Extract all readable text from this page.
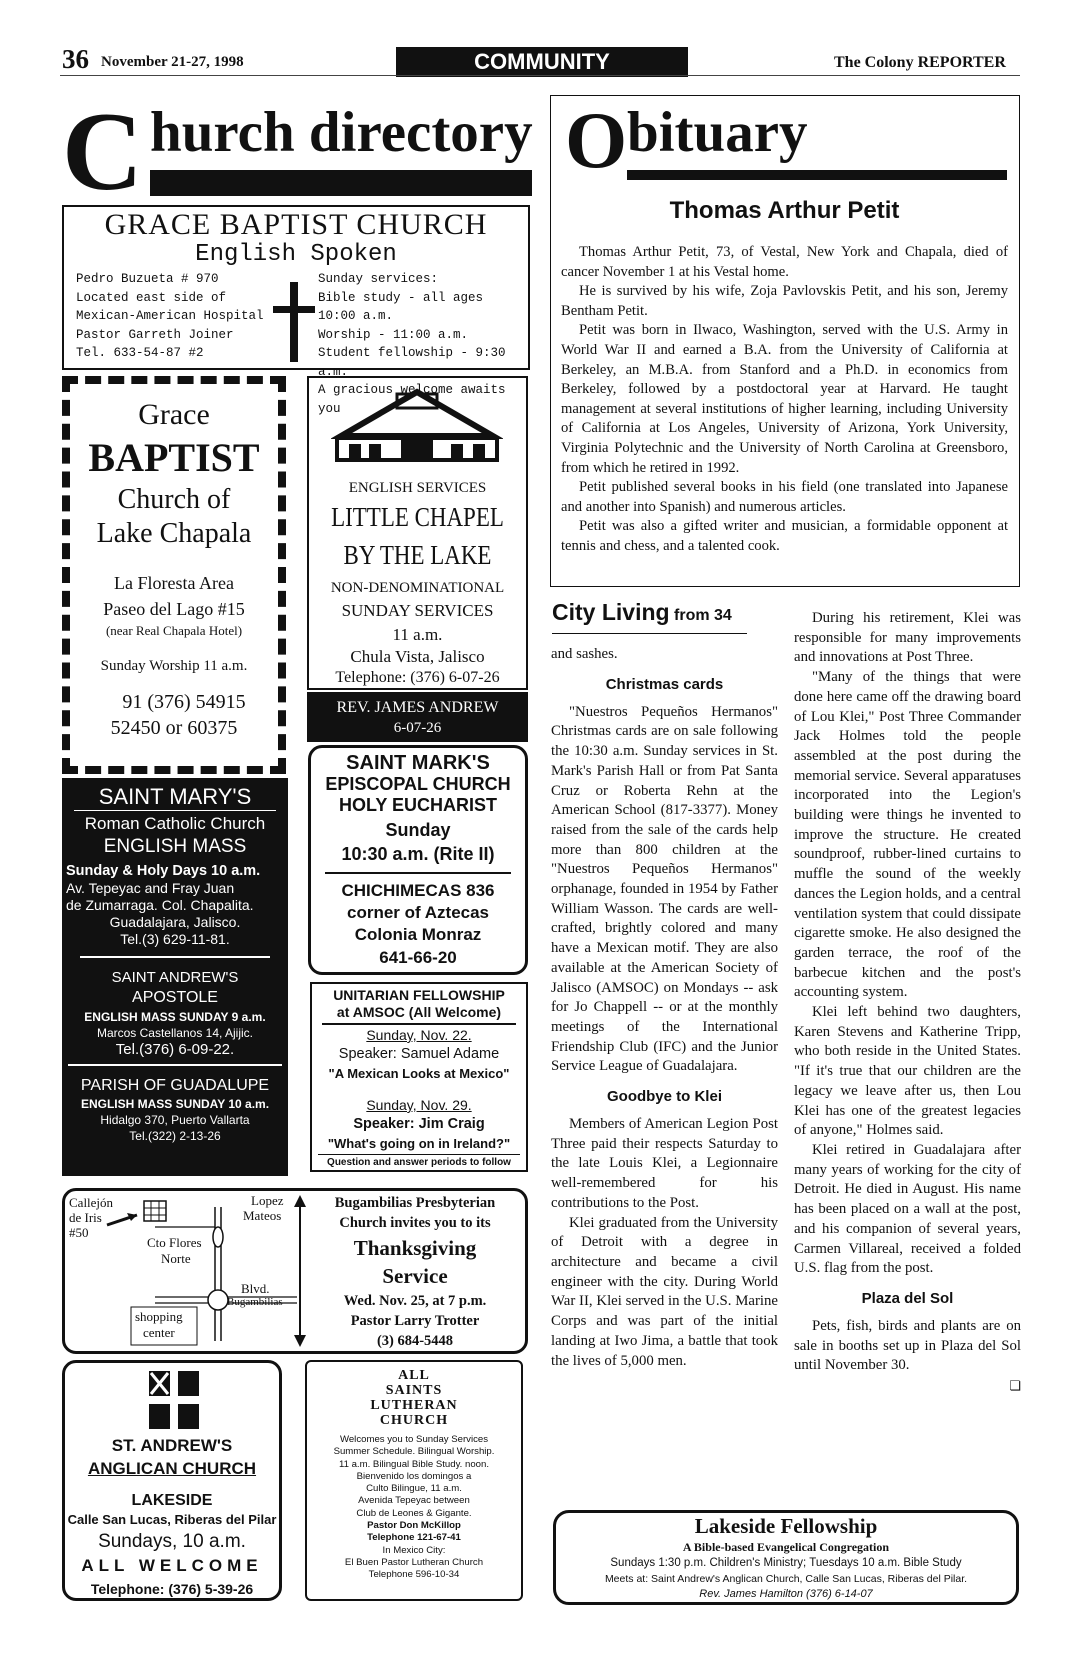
36 November 21-27, 1998	COMMUNITY	The Colony REPORTER
C hurch directory
GRACE BAPTIST CHURCH
English Spoken
Pedro Buzueta # 970
Located east side of
Mexican-American Hospital
Pastor Garreth Joiner
Tel. 633-54-87 #2
Sunday services:
Bible study - all ages 10:00 a.m.
Worship - 11:00 a.m.
Student fellowship - 9:30 a.m.
A gracious welcome awaits you
Grace
BAPTIST
Church of
Lake Chapala
La Floresta Area
Paseo del Lago #15
(near Real Chapala Hotel)
Sunday Worship 11 a.m.
91 (376) 54915
52450 or 60375
ENGLISH SERVICES
LITTLE CHAPEL
BY THE LAKE
NON-DENOMINATIONAL
SUNDAY SERVICES
11 a.m.
Chula Vista, Jalisco
Telephone: (376) 6-07-26
REV. JAMES ANDREW
6-07-26
SAINT MARY'S
Roman Catholic Church
ENGLISH MASS
Sunday & Holy Days 10 a.m.
Av. Tepeyac and Fray Juan
de Zumarraga. Col. Chapalita.
Guadalajara, Jalisco.
Tel.(3) 629-11-81.
SAINT ANDREW'S
APOSTOLE
ENGLISH MASS SUNDAY 9 a.m.
Marcos Castellanos 14, Ajijic.
Tel.(376) 6-09-22.
PARISH OF GUADALUPE
ENGLISH MASS SUNDAY 10 a.m.
Hidalgo 370, Puerto Vallarta
Tel.(322) 2-13-26
SAINT MARK'S
EPISCOPAL CHURCH
HOLY EUCHARIST
Sunday
10:30 a.m. (Rite II)
CHICHIMECAS 836
corner of Aztecas
Colonia Monraz
641-66-20
UNITARIAN FELLOWSHIP
at AMSOC (All Welcome)
Sunday, Nov. 22.
Speaker: Samuel Adame
"A Mexican Looks at Mexico"
Sunday, Nov. 29.
Speaker: Jim Craig
"What's going on in Ireland?"
Question and answer periods to follow
Callejón
de Iris
#50
Lopez
Mateos
Cto Flores
Norte
Blvd.
Bugambilias
shopping
center
Bugambilias Presbyterian
Church invites you to its
Thanksgiving
Service
Wed. Nov. 25, at 7 p.m.
Pastor Larry Trotter
(3) 684-5448
ST. ANDREW'S
ANGLICAN CHURCH
LAKESIDE
Calle San Lucas, Riberas del Pilar
Sundays, 10 a.m.
ALL WELCOME
Telephone: (376) 5-39-26
ALL
SAINTS
LUTHERAN
CHURCH
Welcomes you to Sunday Services
Summer Schedule. Bilingual Worship.
11 a.m. Bilingual Bible Study. noon.
Bienvenido los domingos a
Culto Bilingue, 11 a.m.
Avenida Tepeyac between
Club de Leones & Gigante.
Pastor Don McKillop
Telephone 121-67-41
In Mexico City:
El Buen Pastor Lutheran Church
Telephone 596-10-34
O bituary
Thomas Arthur Petit

Thomas Arthur Petit, 73, of Vestal, New York and Chapala, died of cancer November 1 at his Vestal home.

He is survived by his wife, Zoja Pavlovskis Petit, and his son, Jeremy Bentham Petit.

Petit was born in Ilwaco, Washington, served with the U.S. Army in World War II and earned a B.A. from the University of California at Berkeley, an M.B.A. from Stanford and a Ph.D. in economics from Berkeley, followed by a postdoctoral year at Harvard. He taught management at several institutions of higher learning, including University of California at Los Angeles, University of Arizona, York University, Virginia Polytechnic and the University of North Carolina at Greensboro, from which he retired in 1992.

Petit published several books in his field (one translated into Japanese and another into Spanish) and numerous articles.

Petit was also a gifted writer and musician, a formidable opponent at tennis and chess, and a talented cook.

City Living from 34
and sashes.
Christmas cards

"Nuestros Pequeños Hermanos" Christmas cards are on sale following the 10:30 a.m. Sunday services in St. Mark's Parish Hall or from Pat Santa Cruz or Roberta Rehn at the American School (817-3377). Money raised from the sale of the cards help more than 800 children at the "Nuestros Pequeños Hermanos" orphanage, founded in 1954 by Father William Wasson. The cards are well-crafted, brightly colored and many have a Mexican motif. They are also available at the American Society of Jalisco (AMSOC) on Mondays -- ask for Jo Chappell -- or at the monthly meetings of the International Friendship Club (IFC) and the Junior Service League of Guadalajara.

Goodbye to Klei

Members of American Legion Post Three paid their respects Saturday to the late Louis Klei, a Legionnaire well-remembered for his contributions to the Post.

Klei graduated from the University of Detroit with a degree in architecture and became a civil engineer with the city. During World War II, Klei served in the U.S. Marine Corps and was part of the initial landing at Iwo Jima, a battle that took the lives of 5,000 men.

During his retirement, Klei was responsible for many improvements and innovations at Post Three.

"Many of the things that were done here came off the drawing board of Lou Klei," Post Three Commander Jack Holmes told the people assembled at the post during the memorial service. Several apparatuses incorporated into the Legion's building were things he invented to improve the structure. He created soundproof, rubber-lined curtains to muffle the sound of the weekly dances the Legion holds, and a central ventilation system that could dissipate cigarette smoke. He also designed the garden terrace, the roof of the barbecue kitchen and the post's accounting system.

Klei left behind two daughters, Karen Stevens and Katherine Tripp, who both reside in the United States. "If it's true that our children are the legacy we leave after us, then Lou Klei has one of the greatest legacies of anyone," Holmes said.

Klei retired in Guadalajara after many years of working for the city of Detroit. He died in August. His name has been placed on a wall at the post, and his companion of several years, Carmen Villareal, received a folded U.S. flag from the post.

Plaza del Sol

Pets, fish, birds and plants are on sale in booths set up in Plaza del Sol until November 30.

❏
Lakeside Fellowship
A Bible-based Evangelical Congregation
Sundays 1:30 p.m. Children's Ministry; Tuesdays 10 a.m. Bible Study
Meets at: Saint Andrew's Anglican Church, Calle San Lucas, Riberas del Pilar.
Rev. James Hamilton (376) 6-14-07
